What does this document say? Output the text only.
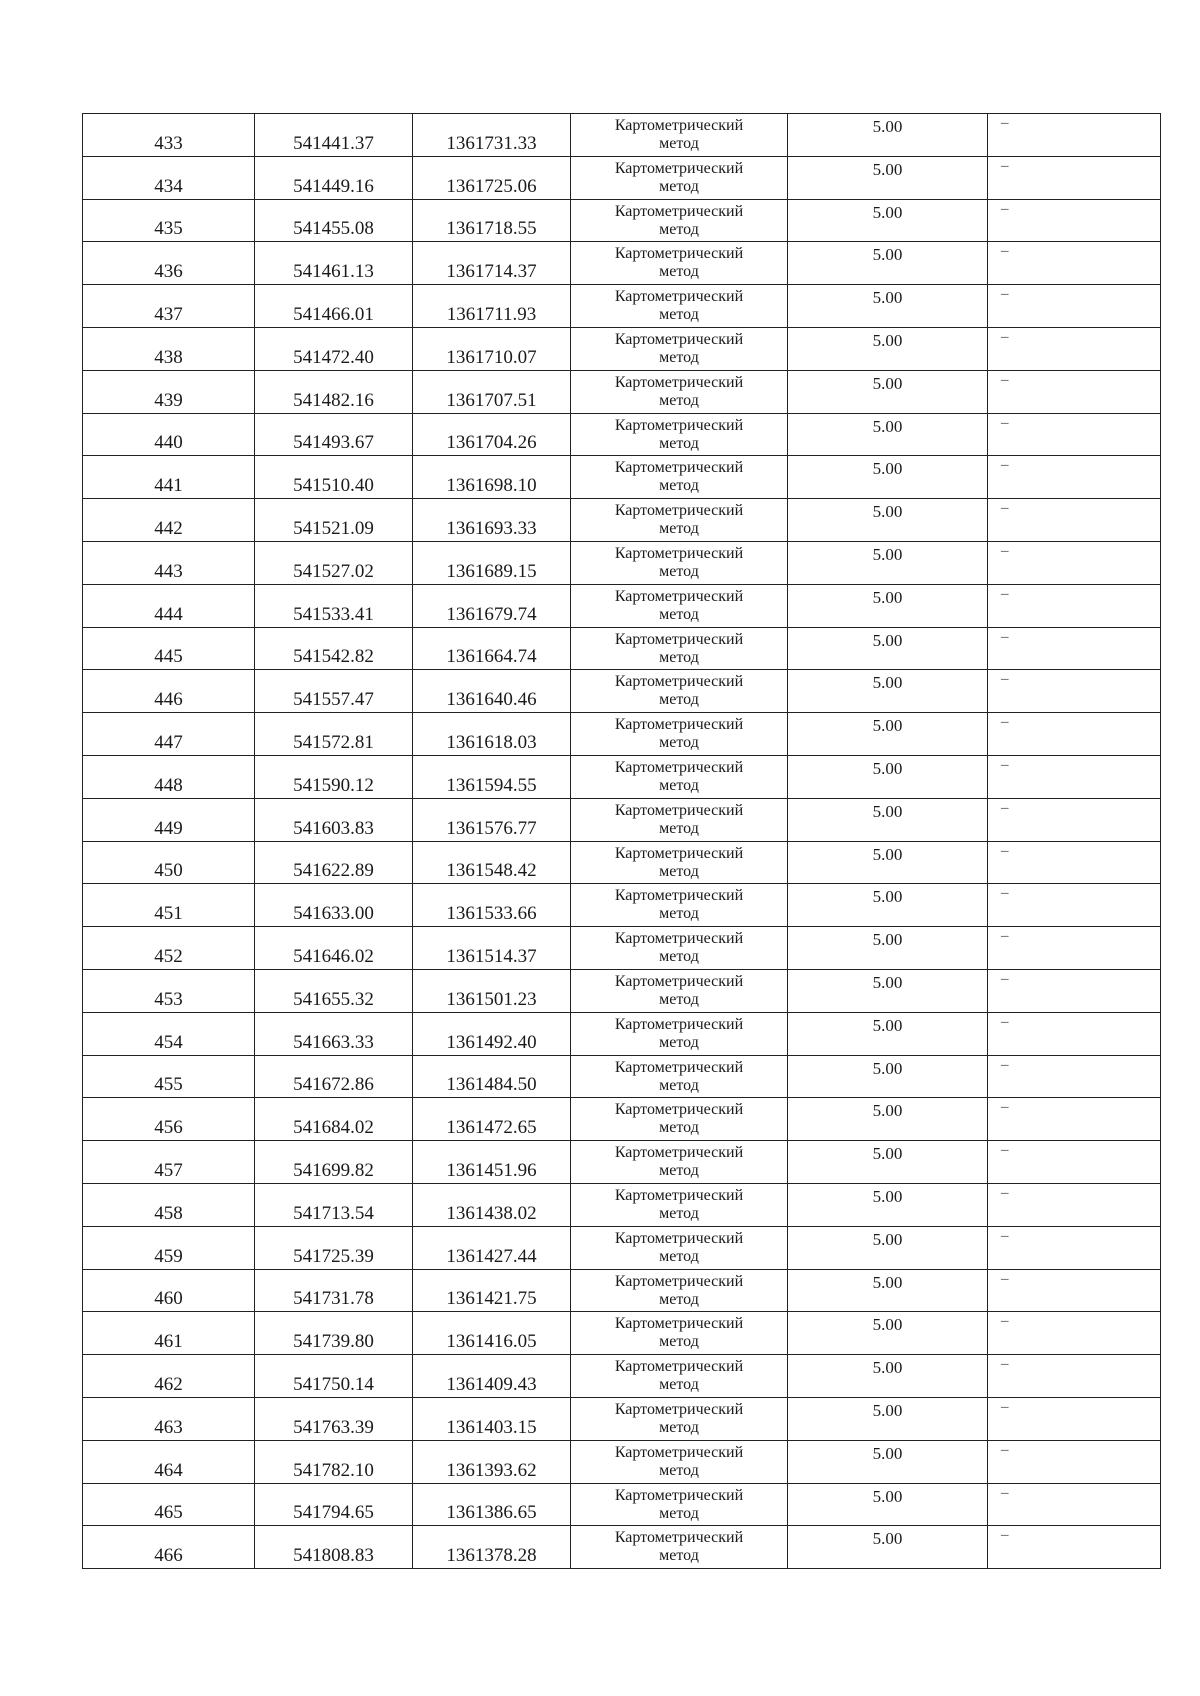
433	541441.37	1361731.33	Картометрический
метод	5.00	–

434	541449.16	1361725.06	Картометрический
метод	5.00	–

435	541455.08	1361718.55	Картометрический
метод	5.00	–

436	541461.13	1361714.37	Картометрический
метод	5.00	–

437	541466.01	1361711.93	Картометрический
метод	5.00	–

438	541472.40	1361710.07	Картометрический
метод	5.00	–

439	541482.16	1361707.51	Картометрический
метод	5.00	–

440	541493.67	1361704.26	Картометрический
метод	5.00	–

441	541510.40	1361698.10	Картометрический
метод	5.00	–

442	541521.09	1361693.33	Картометрический
метод	5.00	–

443	541527.02	1361689.15	Картометрический
метод	5.00	–

444	541533.41	1361679.74	Картометрический
метод	5.00	–

445	541542.82	1361664.74	Картометрический
метод	5.00	–

446	541557.47	1361640.46	Картометрический
метод	5.00	–

447	541572.81	1361618.03	Картометрический
метод	5.00	–

448	541590.12	1361594.55	Картометрический
метод	5.00	–

449	541603.83	1361576.77	Картометрический
метод	5.00	–

450	541622.89	1361548.42	Картометрический
метод	5.00	–

451	541633.00	1361533.66	Картометрический
метод	5.00	–

452	541646.02	1361514.37	Картометрический
метод	5.00	–

453	541655.32	1361501.23	Картометрический
метод	5.00	–

454	541663.33	1361492.40	Картометрический
метод	5.00	–

455	541672.86	1361484.50	Картометрический
метод	5.00	–

456	541684.02	1361472.65	Картометрический
метод	5.00	–

457	541699.82	1361451.96	Картометрический
метод	5.00	–

458	541713.54	1361438.02	Картометрический
метод	5.00	–

459	541725.39	1361427.44	Картометрический
метод	5.00	–

460	541731.78	1361421.75	Картометрический
метод	5.00	–

461	541739.80	1361416.05	Картометрический
метод	5.00	–

462	541750.14	1361409.43	Картометрический
метод	5.00	–

463	541763.39	1361403.15	Картометрический
метод	5.00	–

464	541782.10	1361393.62	Картометрический
метод	5.00	–

465	541794.65	1361386.65	Картометрический
метод	5.00	–

466	541808.83	1361378.28	Картометрический
метод	5.00	–
